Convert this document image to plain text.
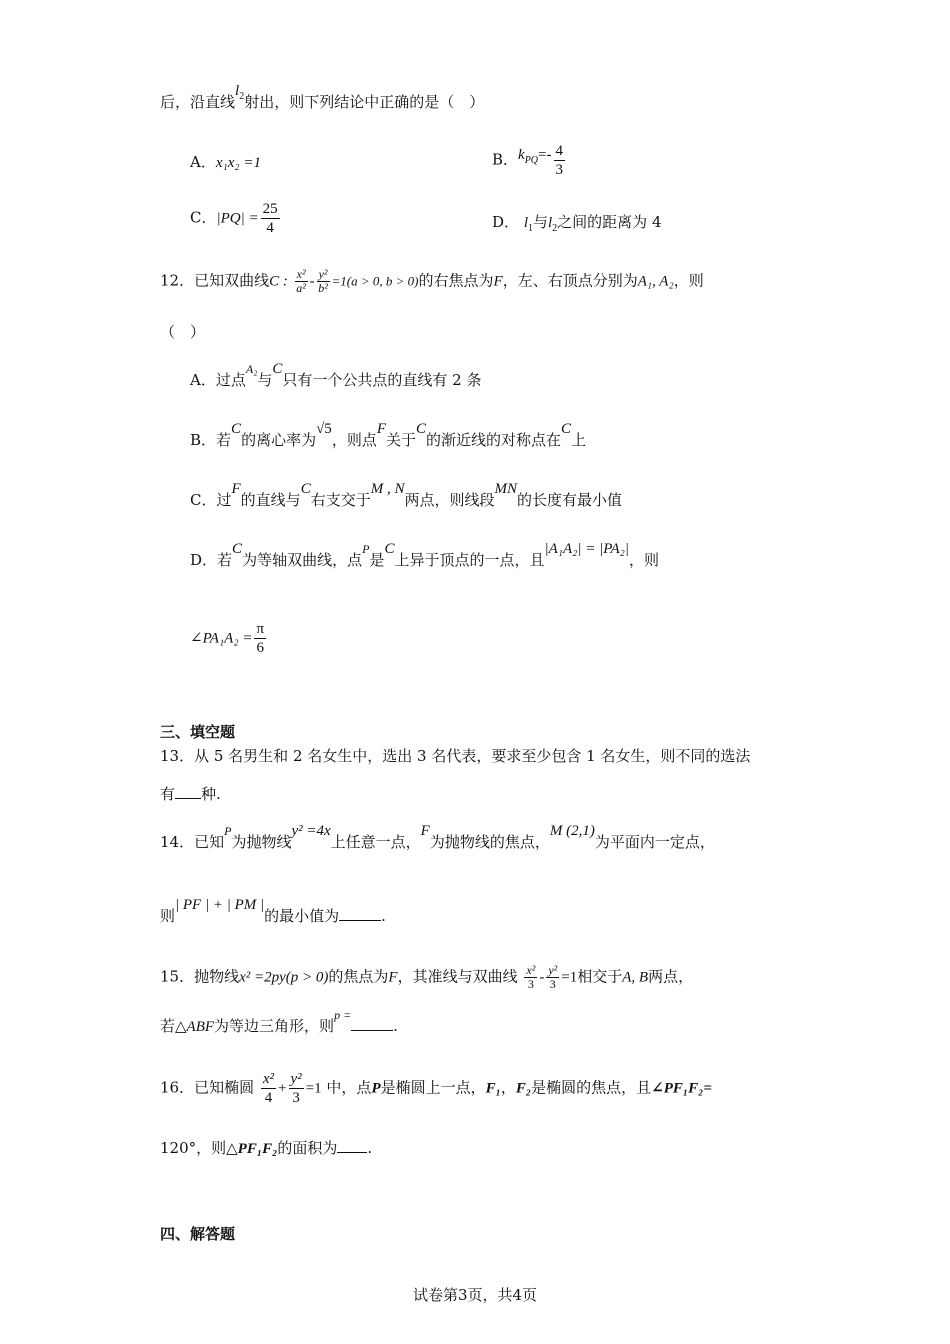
后，沿直线$l_2$射出，则下列结论中正确的是（　）
A．x₁x₂ =1	B．$k_{PQ}=- \frac{4}{3}$
C．$|PQ| = \frac{25}{4}$	D． $l_1$与$l_2$之间的距离为 4
12．已知双曲线C : $\frac{\text{x²}}{\text{a²}} - \frac{\text{y²}}{\text{b²}} =1(a > 0$, b > 0)的右焦点为F，左、右顶点分别为A₁, A₂，则
（　）
A．过点$^{A_2}$与C只有一个公共点的直线有 2 条
B．若C的离心率为√5，则点F关于C的渐近线的对称点在C上
C．过F的直线与C右支交于M , N两点，则线段MN的长度有最小值
D．若C为等轴双曲线，点$^P$是C上异于顶点的一点，且|A₁A₂| = |PA₂|，则
∠PA₁A₂ = $\frac{\pi}{6}$
三、填空题
13．从 5 名男生和 2 名女生中，选出 3 名代表，要求至少包含 1 名女生，则不同的选法
有 种.
14．已知$^P$为抛物线y² =4x上任意一点，F为抛物线的焦点，M (2,1)为平面内一定点，
则| PF | + | PM |的最小值为	.
15．抛物线x² =2py(p > 0)的焦点为F，其准线与双曲线 $\frac{\text{x²}}{3} - \frac{\text{y²}}{3} =1$相交于A, B两点，
若△ABF为等边三角形，则$^{p =}$.
16．已知椭圆 $\frac{\text{x²}}{4} + \frac{\text{y²}}{3} =1$ 中，点P是椭圆上一点，F₁，F₂是椭圆的焦点，且∠PF₁F₂=
120°，则△PF₁F₂的面积为 .
四、解答题
试卷第3页，共4页
